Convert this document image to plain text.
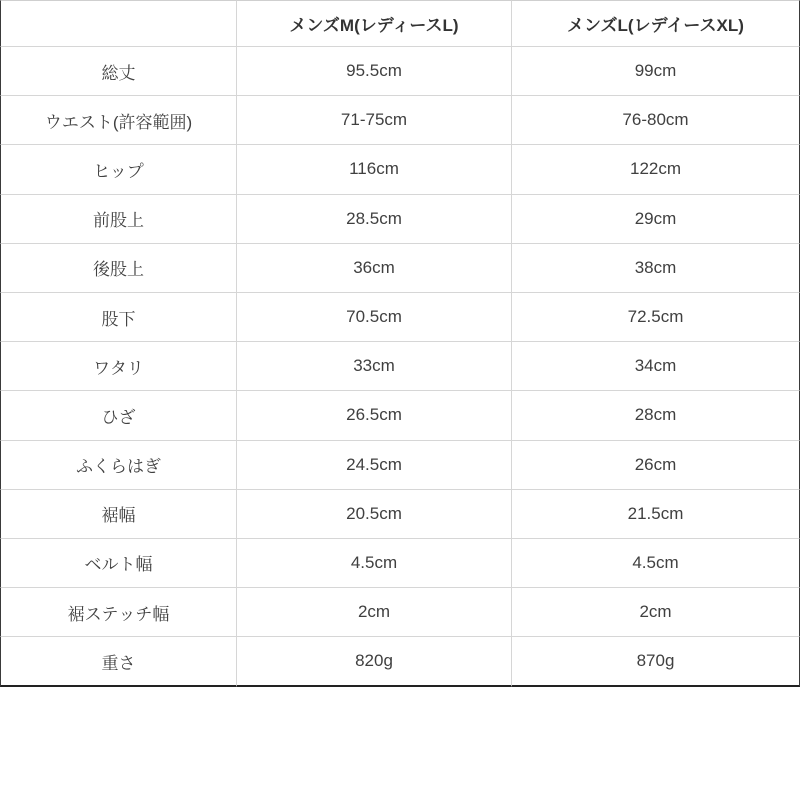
	メンズM(レディースL)	メンズL(レデイースXL)
総丈	95.5cm	99cm
ウエスト(許容範囲)	71-75cm	76-80cm
ヒップ	116cm	122cm
前股上	28.5cm	29cm
後股上	36cm	38cm
股下	70.5cm	72.5cm
ワタリ	33cm	34cm
ひざ	26.5cm	28cm
ふくらはぎ	24.5cm	26cm
裾幅	20.5cm	21.5cm
ベルト幅	4.5cm	4.5cm
裾ステッチ幅	2cm	2cm
重さ	820g	870g
